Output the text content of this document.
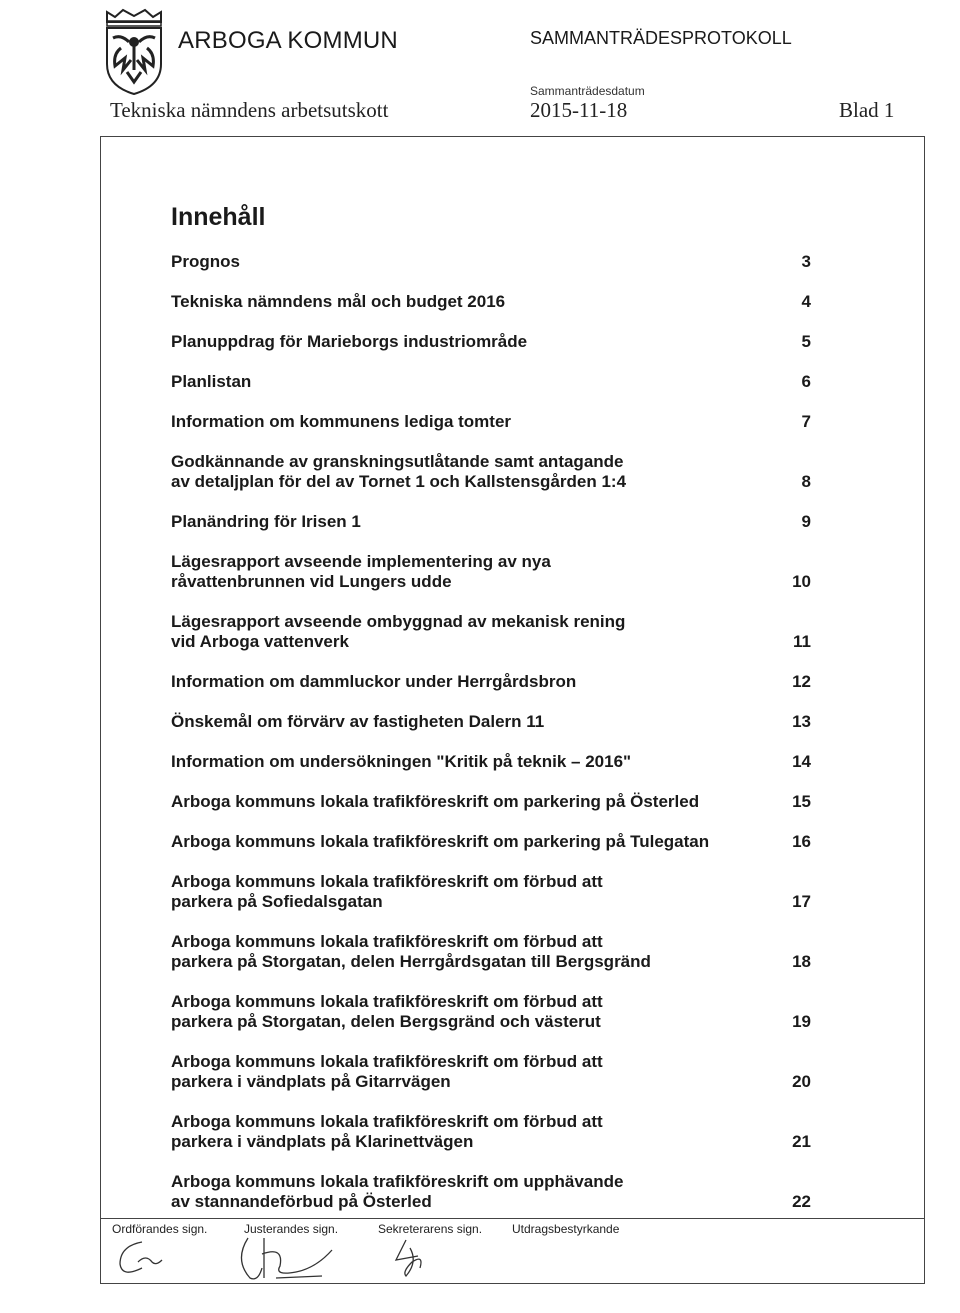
ARBOGA KOMMUN	SAMMANTRÄDESPROTOKOLL
Tekniska nämndens arbetsutskott
Sammanträdesdatum
2015-11-18	Blad 1
Innehåll
Prognos	3
Tekniska nämndens mål och budget 2016	4
Planuppdrag för Marieborgs industriområde	5
Planlistan	6
Information om kommunens lediga tomter	7
Godkännande av granskningsutlåtande samt antagande
av detaljplan för del av Tornet 1 och Kallstensgården 1:4	8
Planändring för Irisen 1	9
Lägesrapport avseende implementering av nya
råvattenbrunnen vid Lungers udde	10
Lägesrapport avseende ombyggnad av mekanisk rening
vid Arboga vattenverk	11
Information om dammluckor under Herrgårdsbron	12
Önskemål om förvärv av fastigheten Dalern 11	13
Information om undersökningen "Kritik på teknik – 2016"	14
Arboga kommuns lokala trafikföreskrift om parkering på Österled	15
Arboga kommuns lokala trafikföreskrift om parkering på Tulegatan	16
Arboga kommuns lokala trafikföreskrift om förbud att
parkera på Sofiedalsgatan	17
Arboga kommuns lokala trafikföreskrift om förbud att
parkera på Storgatan, delen Herrgårdsgatan till Bergsgränd	18
Arboga kommuns lokala trafikföreskrift om förbud att
parkera på Storgatan, delen Bergsgränd och västerut	19
Arboga kommuns lokala trafikföreskrift om förbud att
parkera i vändplats på Gitarrvägen	20
Arboga kommuns lokala trafikföreskrift om förbud att
parkera i vändplats på Klarinettvägen	21
Arboga kommuns lokala trafikföreskrift om upphävande
av stannandeförbud på Österled	22
Ordförandes sign.	Justerandes sign.	Sekreterarens sign. Utdragsbestyrkande
